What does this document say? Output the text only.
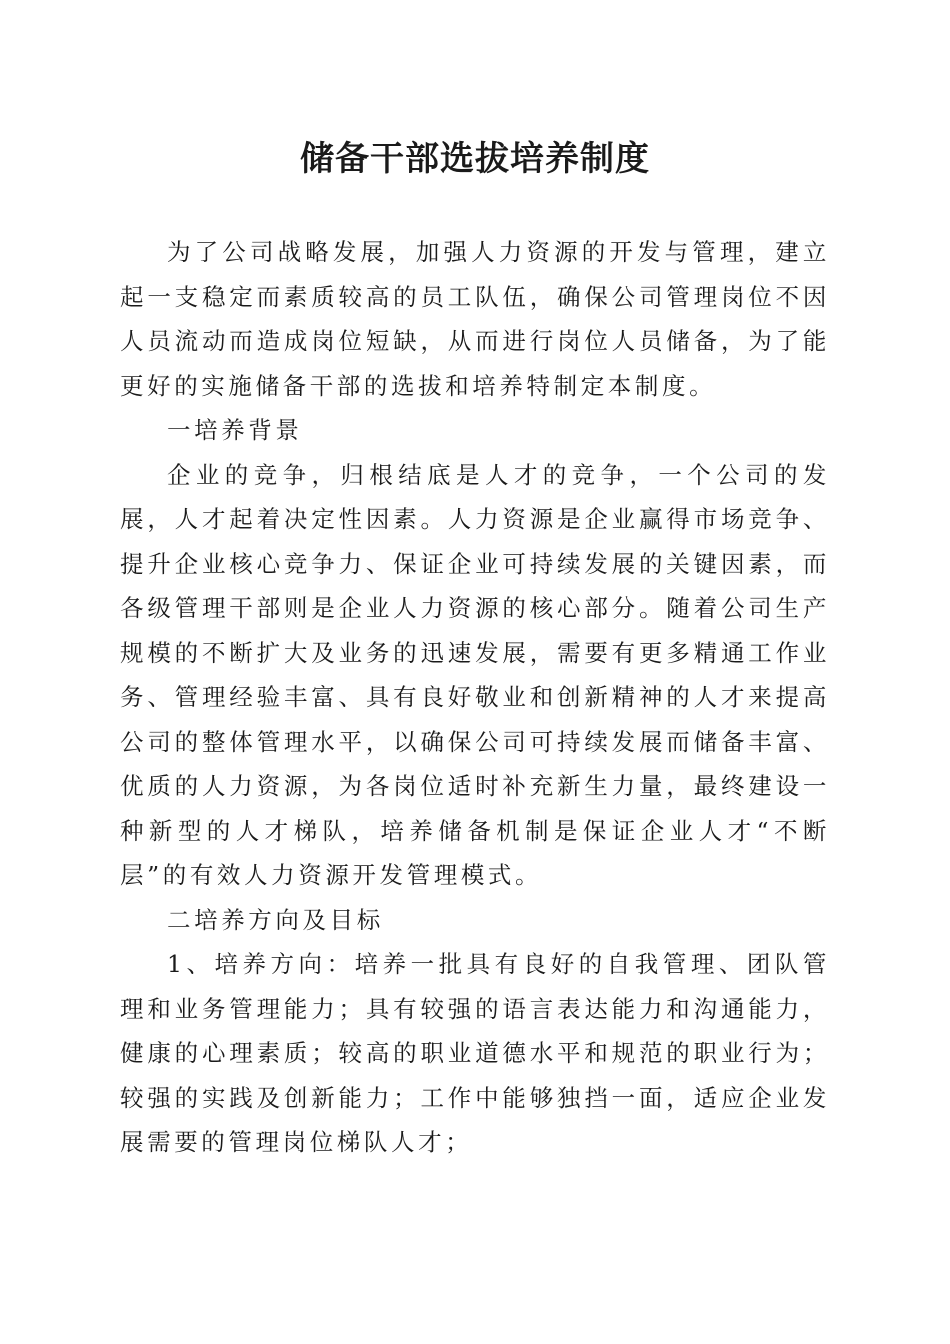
储备干部选拔培养制度

为了公司战略发展，加强人力资源的开发与管理，建立起一支稳定而素质较高的员工队伍，确保公司管理岗位不因人员流动而造成岗位短缺，从而进行岗位人员储备，为了能更好的实施储备干部的选拔和培养特制定本制度。

一培养背景

企业的竞争，归根结底是人才的竞争，一个公司的发展，人才起着决定性因素。人力资源是企业赢得市场竞争、提升企业核心竞争力、保证企业可持续发展的关键因素，而各级管理干部则是企业人力资源的核心部分。随着公司生产规模的不断扩大及业务的迅速发展，需要有更多精通工作业务、管理经验丰富、具有良好敬业和创新精神的人才来提高公司的整体管理水平，以确保公司可持续发展而储备丰富、优质的人力资源，为各岗位适时补充新生力量，最终建设一种新型的人才梯队，培养储备机制是保证企业人才“不断层”的有效人力资源开发管理模式。

二培养方向及目标

1、培养方向：培养一批具有良好的自我管理、团队管理和业务管理能力；具有较强的语言表达能力和沟通能力，健康的心理素质；较高的职业道德水平和规范的职业行为；较强的实践及创新能力；工作中能够独挡一面，适应企业发展需要的管理岗位梯队人才；
